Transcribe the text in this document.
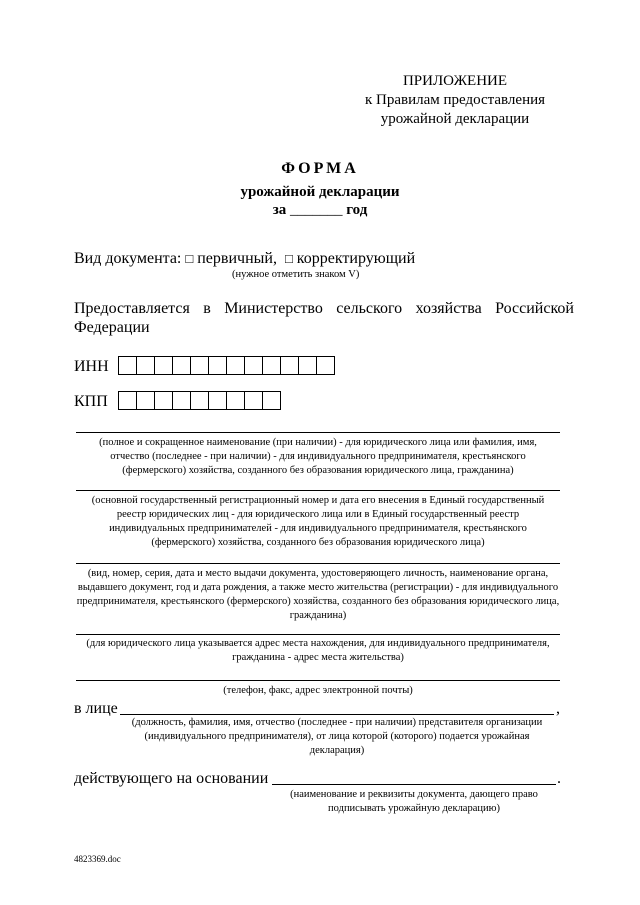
ПРИЛОЖЕНИЕ
к Правилам предоставления
урожайной декларации
ФОРМА
урожайной декларации
за _______ год
Вид документа: □ первичный, □ корректирующий
(нужное отметить знаком V)
Предоставляется в Министерство сельского хозяйства Российской
Федерации
ИНН
КПП
(полное и сокращенное наименование (при наличии) - для юридического лица или фамилия, имя, отчество (последнее - при наличии) - для индивидуального предпринимателя, крестьянского (фермерского) хозяйства, созданного без образования юридического лица, гражданина)
(основной государственный регистрационный номер и дата его внесения в Единый государственный реестр юридических лиц - для юридического лица или в Единый государственный реестр индивидуальных предпринимателей - для индивидуального предпринимателя, крестьянского (фермерского) хозяйства, созданного без образования юридического лица)
(вид, номер, серия, дата и место выдачи документа, удостоверяющего личность, наименование органа, выдавшего документ, год и дата рождения, а также место жительства (регистрации) - для индивидуального предпринимателя, крестьянского (фермерского) хозяйства, созданного без образования юридического лица, гражданина)
(для юридического лица указывается адрес места нахождения, для индивидуального предпринимателя, гражданина - адрес места жительства)
(телефон, факс, адрес электронной почты)
в лице	,
(должность, фамилия, имя, отчество (последнее - при наличии) представителя организации (индивидуального предпринимателя), от лица которой (которого) подается урожайная декларация)
действующего на основании	.
(наименование и реквизиты документа, дающего право подписывать урожайную декларацию)
4823369.doc
